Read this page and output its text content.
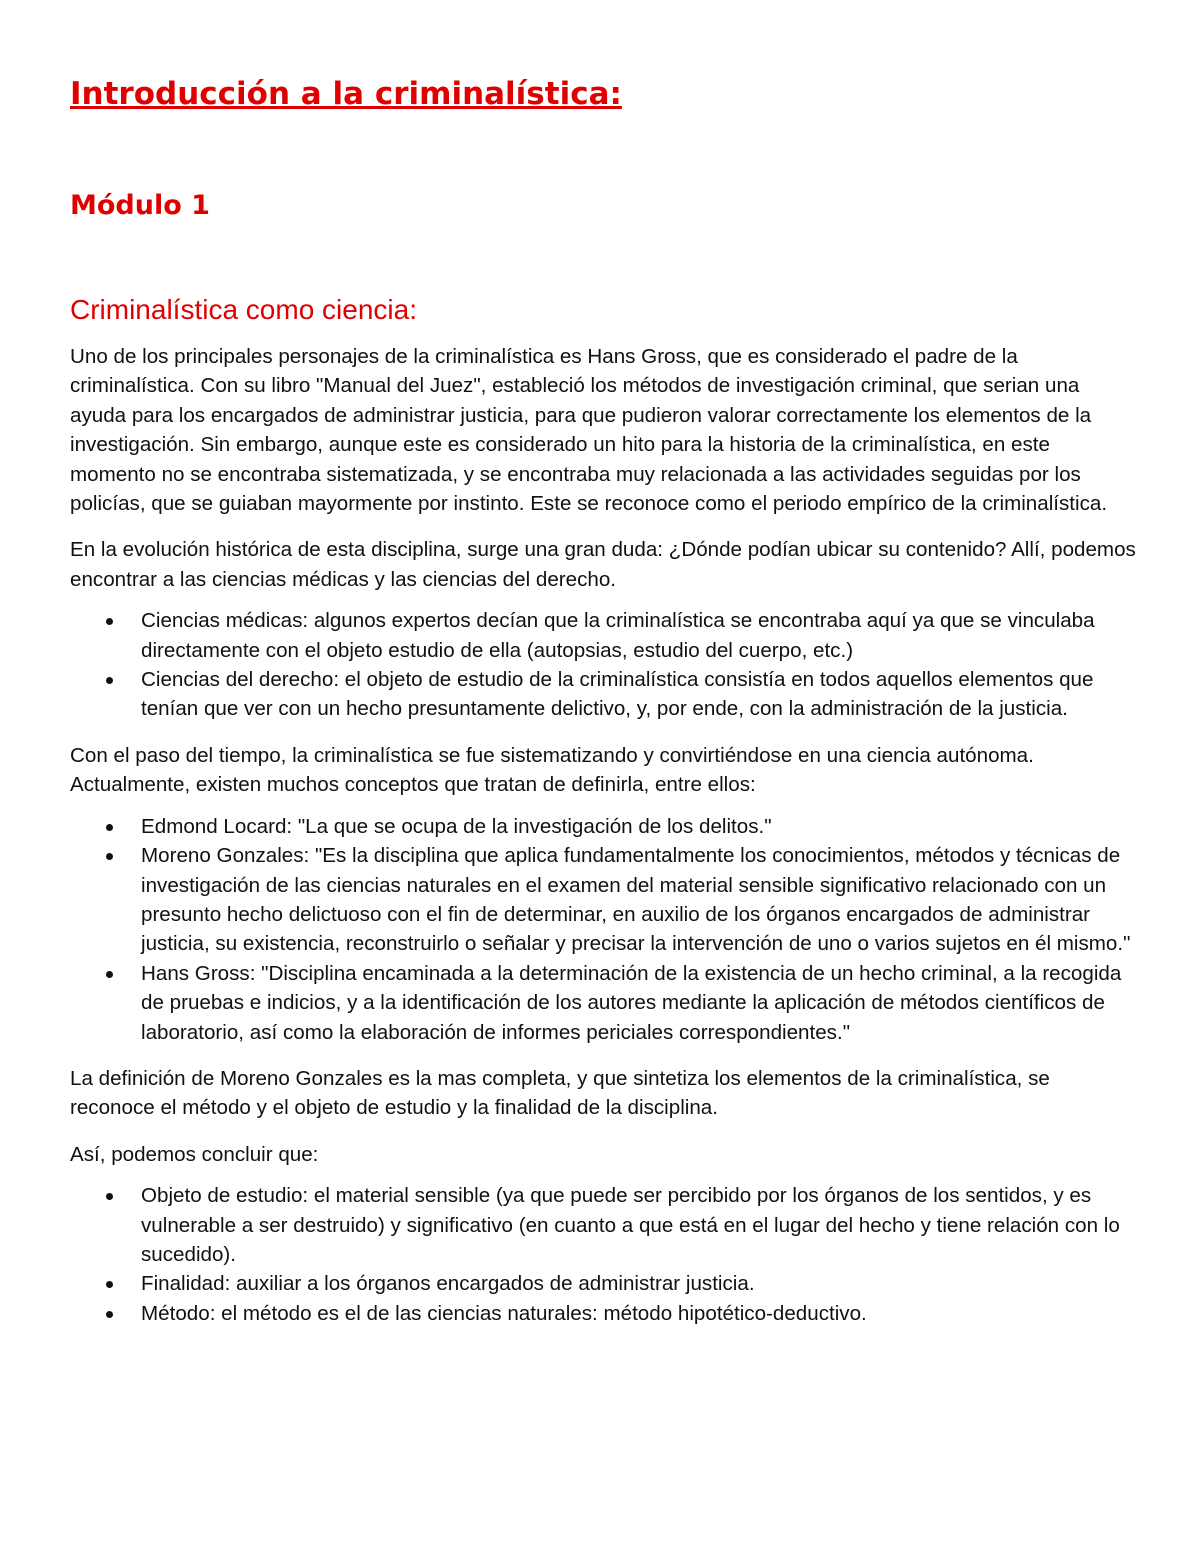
Introducción a la criminalística:
Módulo 1
Criminalística como ciencia:

Uno de los principales personajes de la criminalística es Hans Gross, que es considerado el padre de la criminalística. Con su libro "Manual del Juez", estableció los métodos de investigación criminal, que serian una ayuda para los encargados de administrar justicia, para que pudieron valorar correctamente los elementos de la investigación. Sin embargo, aunque este es considerado un hito para la historia de la criminalística, en este momento no se encontraba sistematizada, y se encontraba muy relacionada a las actividades seguidas por los policías, que se guiaban mayormente por instinto. Este se reconoce como el periodo empírico de la criminalística.

En la evolución histórica de esta disciplina, surge una gran duda: ¿Dónde podían ubicar su contenido? Allí, podemos encontrar a las ciencias médicas y las ciencias del derecho.

Ciencias médicas: algunos expertos decían que la criminalística se encontraba aquí ya que se vinculaba directamente con el objeto estudio de ella (autopsias, estudio del cuerpo, etc.)
Ciencias del derecho: el objeto de estudio de la criminalística consistía en todos aquellos elementos que tenían que ver con un hecho presuntamente delictivo, y, por ende, con la administración de la justicia.

Con el paso del tiempo, la criminalística se fue sistematizando y convirtiéndose en una ciencia autónoma. Actualmente, existen muchos conceptos que tratan de definirla, entre ellos:

Edmond Locard: "La que se ocupa de la investigación de los delitos."
Moreno Gonzales: "Es la disciplina que aplica fundamentalmente los conocimientos, métodos y técnicas de investigación de las ciencias naturales en el examen del material sensible significativo relacionado con un presunto hecho delictuoso con el fin de determinar, en auxilio de los órganos encargados de administrar justicia, su existencia, reconstruirlo o señalar y precisar la intervención de uno o varios sujetos en él mismo."
Hans Gross: "Disciplina encaminada a la determinación de la existencia de un hecho criminal, a la recogida de pruebas e indicios, y a la identificación de los autores mediante la aplicación de métodos científicos de laboratorio, así como la elaboración de informes periciales correspondientes."

La definición de Moreno Gonzales es la mas completa, y que sintetiza los elementos de la criminalística, se reconoce el método y el objeto de estudio y la finalidad de la disciplina.

Así, podemos concluir que:

Objeto de estudio: el material sensible (ya que puede ser percibido por los órganos de los sentidos, y es vulnerable a ser destruido) y significativo (en cuanto a que está en el lugar del hecho y tiene relación con lo sucedido).
Finalidad: auxiliar a los órganos encargados de administrar justicia.
Método: el método es el de las ciencias naturales: método hipotético-deductivo.
